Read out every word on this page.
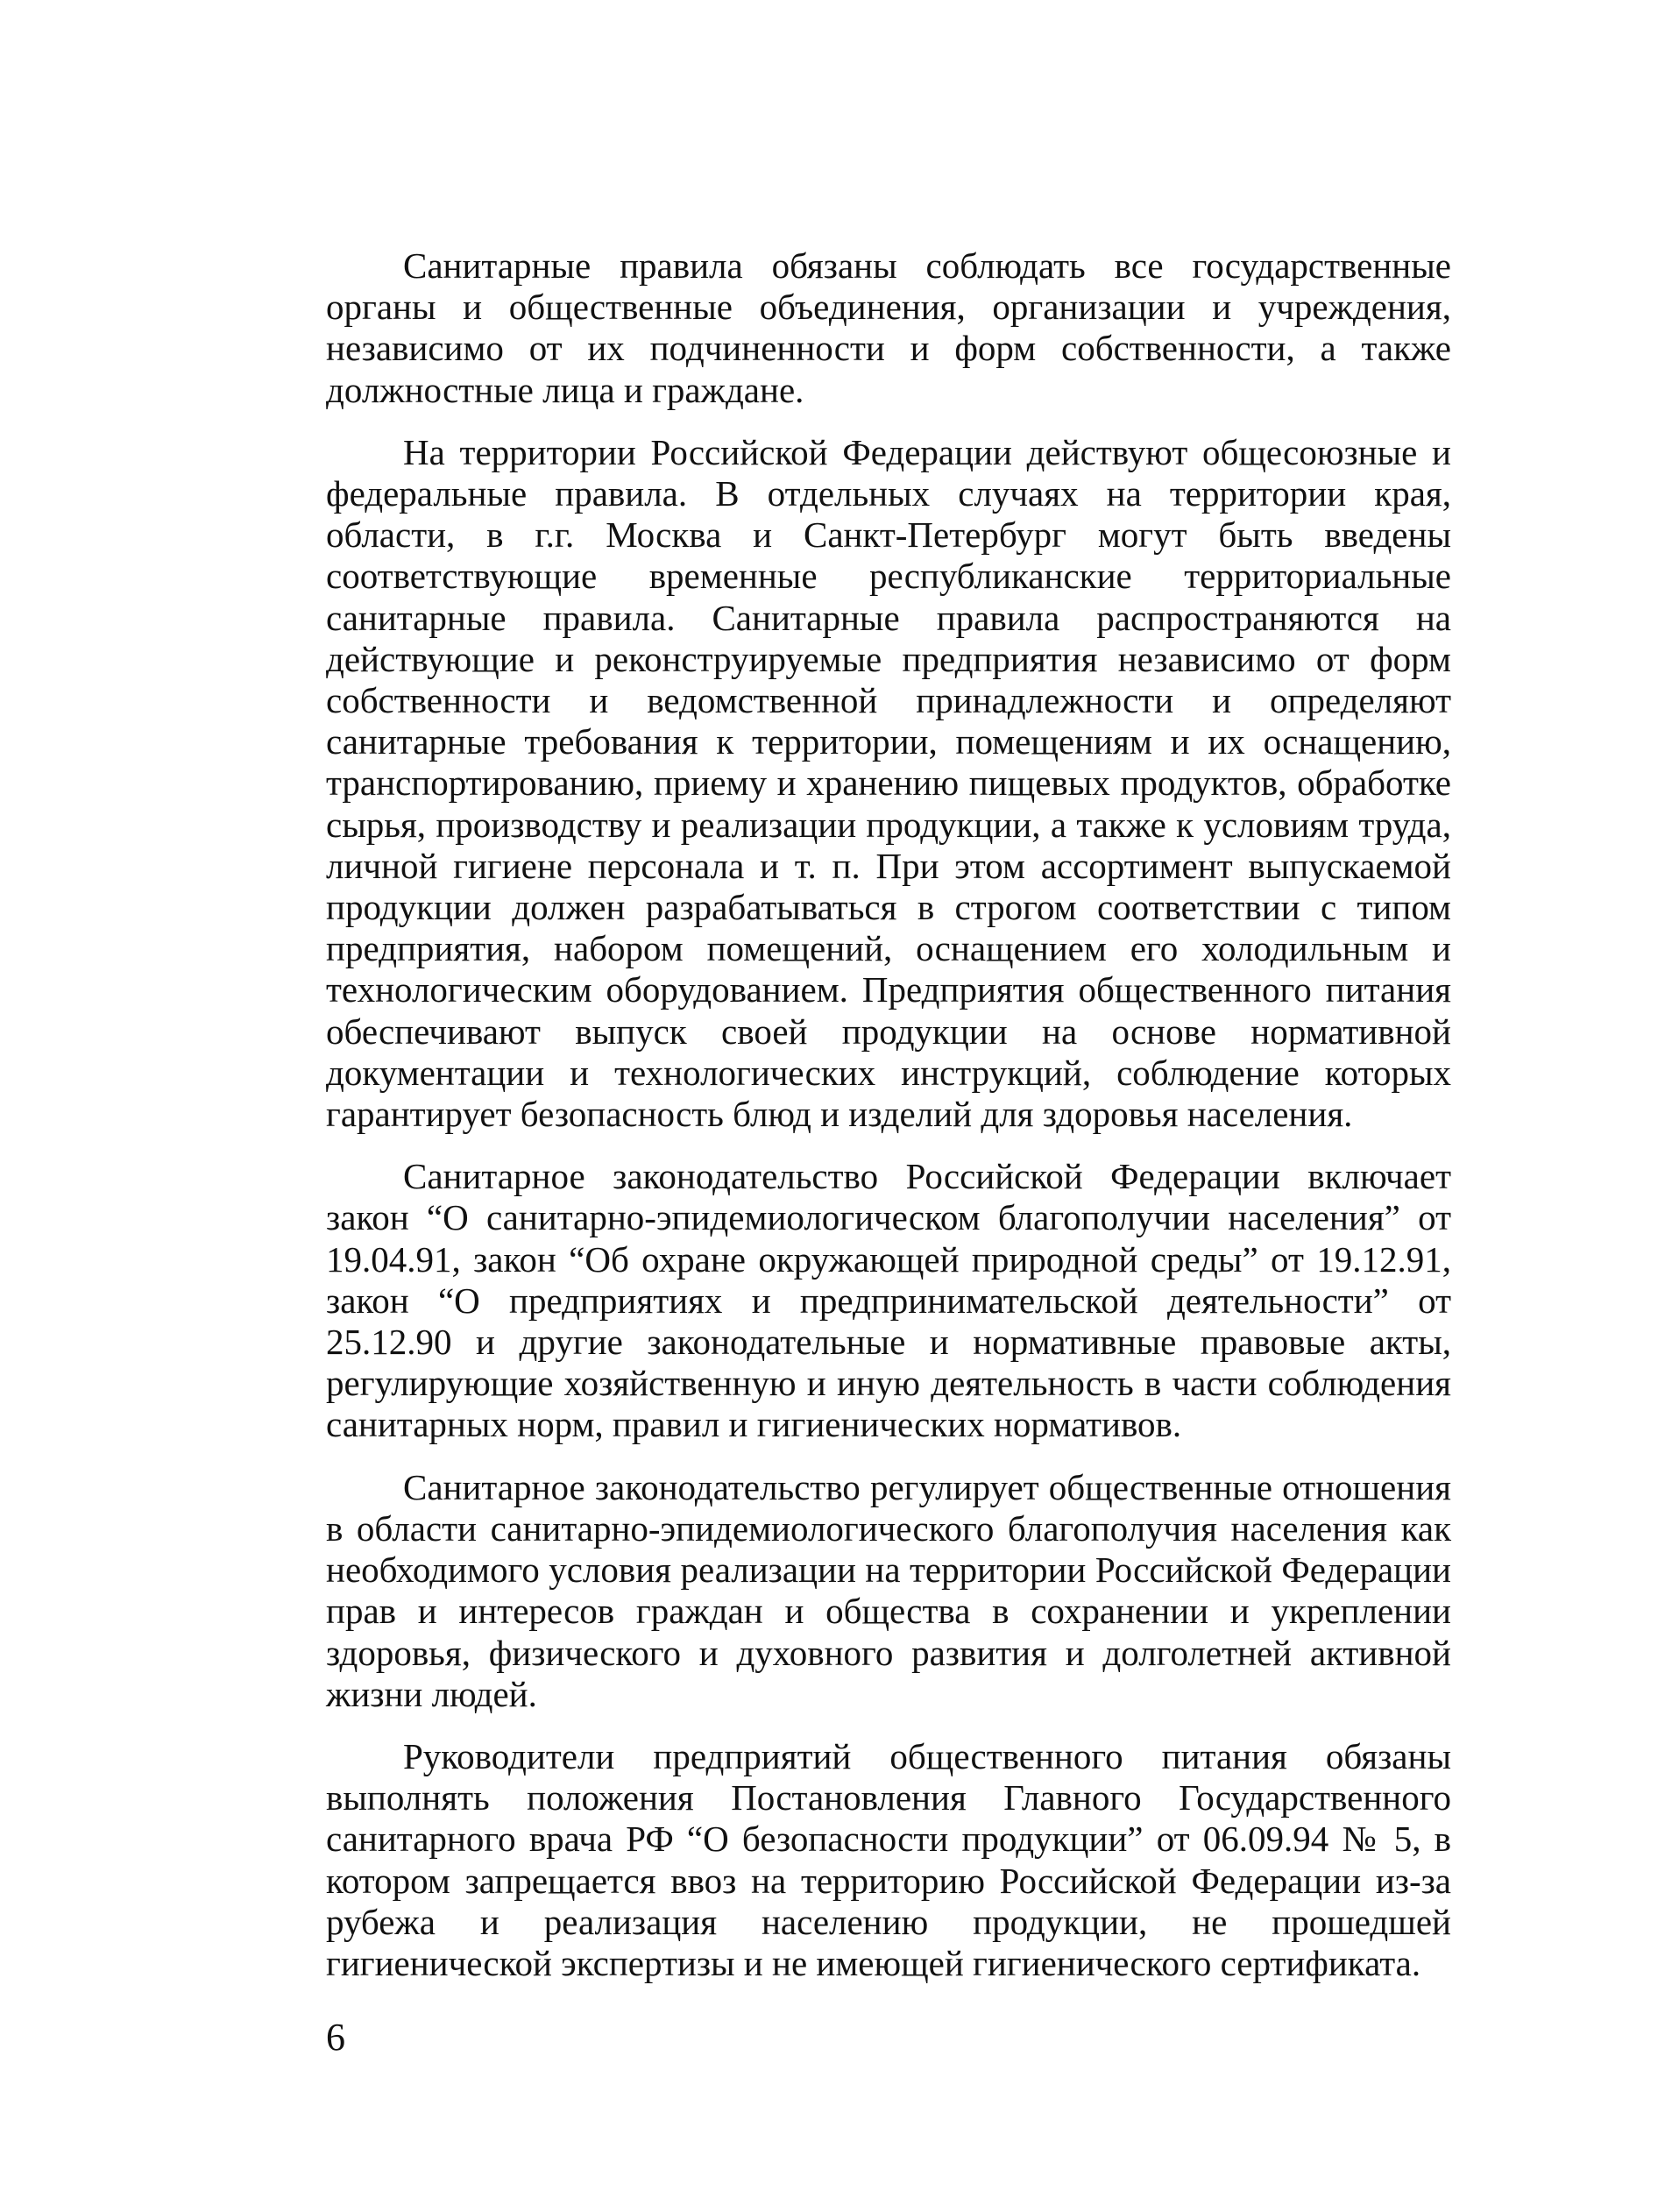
Санитарные правила обязаны соблюдать все государственные органы и общественные объединения, организации и учреждения, независимо от их подчиненности и форм собственности, а также должностные лица и граждане.

На территории Российской Федерации действуют общесоюзные и федеральные правила. В отдельных случаях на территории края, области, в г.г. Москва и Санкт-Петербург могут быть введены соответствующие временные республиканские территориальные санитарные правила. Санитарные правила распространяются на действующие и реконструируемые предприятия независимо от форм собственности и ведомственной принадлежности и определяют санитарные требования к территории, помещениям и их оснащению, транспортированию, приему и хранению пищевых продуктов, обработке сырья, производству и реализации продукции, а также к условиям труда, личной гигиене персонала и т. п. При этом ассортимент выпускаемой продукции должен разрабатываться в строгом соответствии с типом предприятия, набором помещений, оснащением его холодильным и технологическим оборудованием. Предприятия общественного питания обеспечивают выпуск своей продукции на основе нормативной документации и технологических инструкций, соблюдение которых гарантирует безопасность блюд и изделий для здоровья населения.

Санитарное законодательство Российской Федерации включает закон “О санитарно-эпидемиологическом благополучии населения” от 19.04.91, закон “Об охране окружающей природной среды” от 19.12.91, закон “О предприятиях и предпринимательской деятельности” от 25.12.90 и другие законодательные и нормативные правовые акты, регулирующие хозяйственную и иную деятельность в части соблюдения санитарных норм, правил и гигиенических нормативов.

Санитарное законодательство регулирует общественные отношения в области санитарно-эпидемиологического благополучия населения как необходимого условия реализации на территории Российской Федерации прав и интересов граждан и общества в сохранении и укреплении здоровья, физического и духовного развития и долголетней активной жизни людей.

Руководители предприятий общественного питания обязаны выполнять положения Постановления Главного Государственного санитарного врача РФ “О безопасности продукции” от 06.09.94 № 5, в котором запрещается ввоз на территорию Российской Федерации из-за рубежа и реализация населению продукции, не прошедшей гигиенической экспертизы и не имеющей гигиенического сертификата.

6
